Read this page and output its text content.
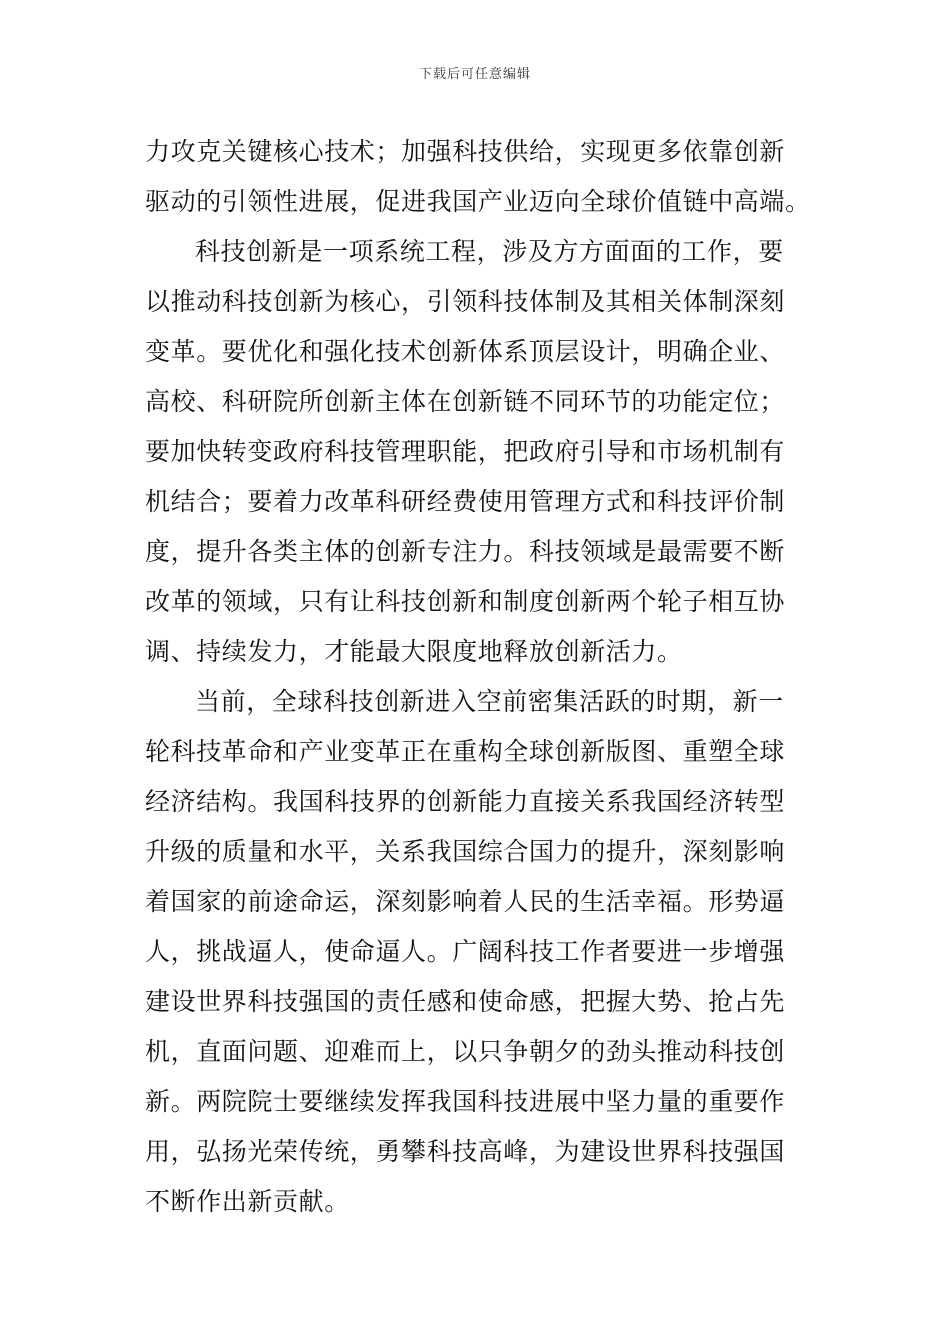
下载后可任意编辑
力攻克关键核心技术；加强科技供给，实现更多依靠创新
驱动的引领性进展，促进我国产业迈向全球价值链中高端。
科技创新是一项系统工程，涉及方方面面的工作，要
以推动科技创新为核心，引领科技体制及其相关体制深刻
变革。要优化和强化技术创新体系顶层设计，明确企业、
高校、科研院所创新主体在创新链不同环节的功能定位；
要加快转变政府科技管理职能，把政府引导和市场机制有
机结合；要着力改革科研经费使用管理方式和科技评价制
度，提升各类主体的创新专注力。科技领域是最需要不断
改革的领域，只有让科技创新和制度创新两个轮子相互协
调、持续发力，才能最大限度地释放创新活力。
当前，全球科技创新进入空前密集活跃的时期，新一
轮科技革命和产业变革正在重构全球创新版图、重塑全球
经济结构。我国科技界的创新能力直接关系我国经济转型
升级的质量和水平，关系我国综合国力的提升，深刻影响
着国家的前途命运，深刻影响着人民的生活幸福。形势逼
人，挑战逼人，使命逼人。广阔科技工作者要进一步增强
建设世界科技强国的责任感和使命感，把握大势、抢占先
机，直面问题、迎难而上，以只争朝夕的劲头推动科技创
新。两院院士要继续发挥我国科技进展中坚力量的重要作
用，弘扬光荣传统，勇攀科技高峰，为建设世界科技强国
不断作出新贡献。
